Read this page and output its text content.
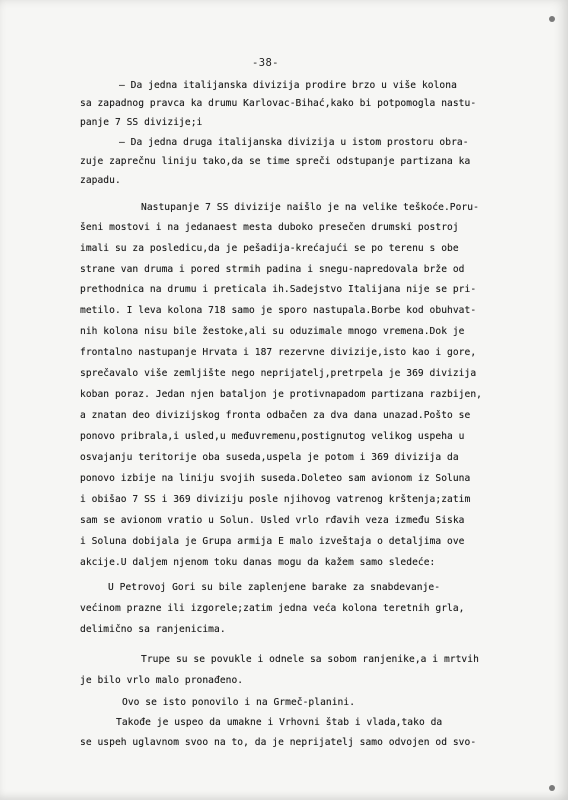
-38-
– Da jedna italijanska divizija prodire brzo u više kolona
sa zapadnog pravca ka drumu Karlovac-Bihać,kako bi potpomogla nastu-
panje 7 SS divizije;i
– Da jedna druga italijanska divizija u istom prostoru obra-
zuje zaprečnu liniju tako,da se time spreči odstupanje partizana ka
zapadu.
Nastupanje 7 SS divizije naišlo je na velike teškoće.Poru-
šeni mostovi i na jedanaest mesta duboko presečen drumski postroj
imali su za posledicu,da je pešadija-krećajući se po terenu s obe
strane van druma i pored strmih padina i snegu-napredovala brže od
prethodnica na drumu i preticala ih.Sadejstvo Italijana nije se pri-
metilo. I leva kolona 718 samo je sporo nastupala.Borbe kod obuhvat-
nih kolona nisu bile žestoke,ali su oduzimale mnogo vremena.Dok je
frontalno nastupanje Hrvata i 187 rezervne divizije,isto kao i gore,
sprečavalo više zemljište nego neprijatelj,pretrpela je 369 divizija
koban poraz. Jedan njen bataljon je protivnapadom partizana razbijen,
a znatan deo divizijskog fronta odbačen za dva dana unazad.Pošto se
ponovo pribrala,i usled,u međuvremenu,postignutog velikog uspeha u
osvajanju teritorije oba suseda,uspela je potom i 369 divizija da
ponovo izbije na liniju svojih suseda.Doleteo sam avionom iz Soluna
i obišao 7 SS i 369 diviziju posle njihovog vatrenog krštenja;zatim
sam se avionom vratio u Solun. Usled vrlo rđavih veza između Siska
i Soluna dobijala je Grupa armija E malo izveštaja o detaljima ove
akcije.U daljem njenom toku danas mogu da kažem samo sledeće:
U Petrovoj Gori su bile zaplenjene barake za snabdevanje-
većinom prazne ili izgorele;zatim jedna veća kolona teretnih grla,
delimično sa ranjenicima.
Trupe su se povukle i odnele sa sobom ranjenike,a i mrtvih
je bilo vrlo malo pronađeno.
Ovo se isto ponovilo i na Grmeč-planini.
Takođe je uspeo da umakne i Vrhovni štab i vlada,tako da
se uspeh uglavnom svoo na to, da je neprijatelj samo odvojen od svo-
